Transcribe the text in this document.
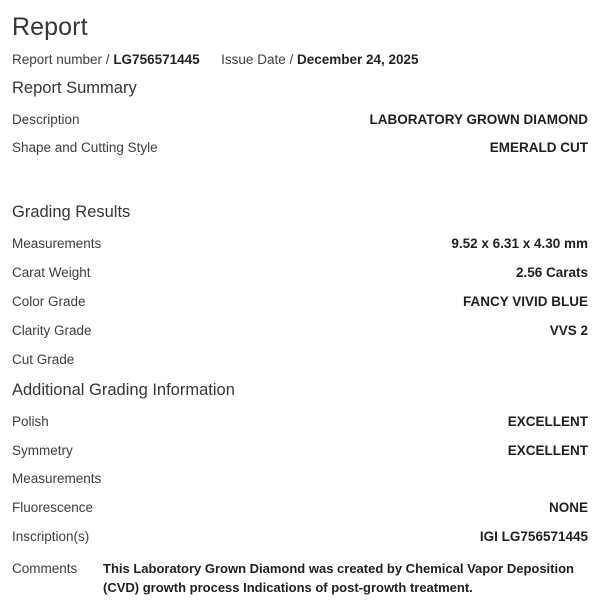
Report
Report number / LG756571445 Issue Date / December 24, 2025
Report Summary
Description	LABORATORY GROWN DIAMOND
Shape and Cutting Style	EMERALD CUT
Grading Results
Measurements	9.52 x 6.31 x 4.30 mm
Carat Weight	2.56 Carats
Color Grade	FANCY VIVID BLUE
Clarity Grade	VVS 2
Cut Grade
Additional Grading Information
Polish	EXCELLENT
Symmetry	EXCELLENT
Measurements
Fluorescence	NONE
Inscription(s)	IGI LG756571445
Comments	This Laboratory Grown Diamond was created by Chemical Vapor Deposition (CVD) growth process Indications of post-growth treatment.
